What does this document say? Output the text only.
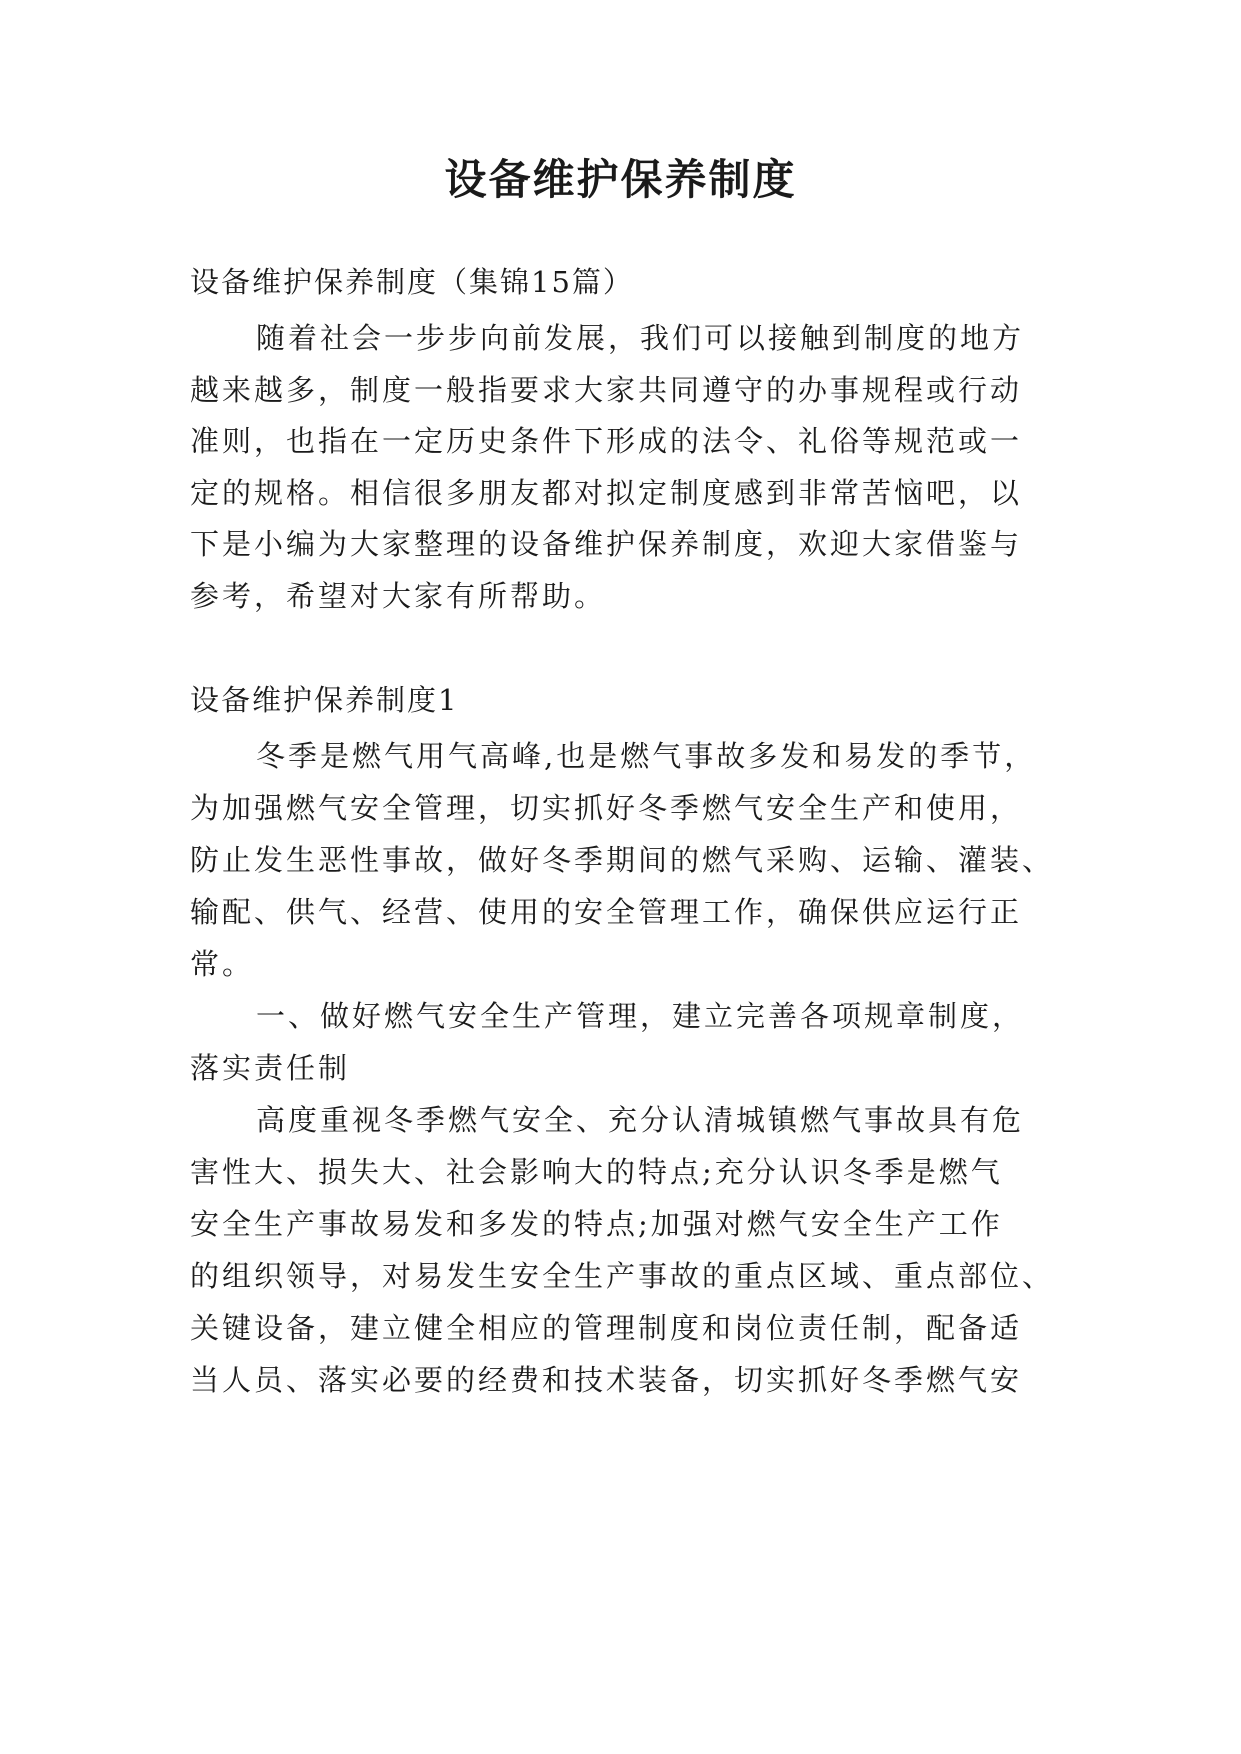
设备维护保养制度

设备维护保养制度（集锦15篇）

随着社会一步步向前发展，我们可以接触到制度的地方

越来越多，制度一般指要求大家共同遵守的办事规程或行动

准则，也指在一定历史条件下形成的法令、礼俗等规范或一

定的规格。相信很多朋友都对拟定制度感到非常苦恼吧，以

下是小编为大家整理的设备维护保养制度，欢迎大家借鉴与

参考，希望对大家有所帮助。

设备维护保养制度1

冬季是燃气用气高峰,也是燃气事故多发和易发的季节，

为加强燃气安全管理，切实抓好冬季燃气安全生产和使用，

防止发生恶性事故，做好冬季期间的燃气采购、运输、灌装、

输配、供气、经营、使用的安全管理工作，确保供应运行正

常。

一、做好燃气安全生产管理，建立完善各项规章制度，

落实责任制

高度重视冬季燃气安全、充分认清城镇燃气事故具有危

害性大、损失大、社会影响大的特点;充分认识冬季是燃气

安全生产事故易发和多发的特点;加强对燃气安全生产工作

的组织领导，对易发生安全生产事故的重点区域、重点部位、

关键设备，建立健全相应的管理制度和岗位责任制，配备适

当人员、落实必要的经费和技术装备，切实抓好冬季燃气安
